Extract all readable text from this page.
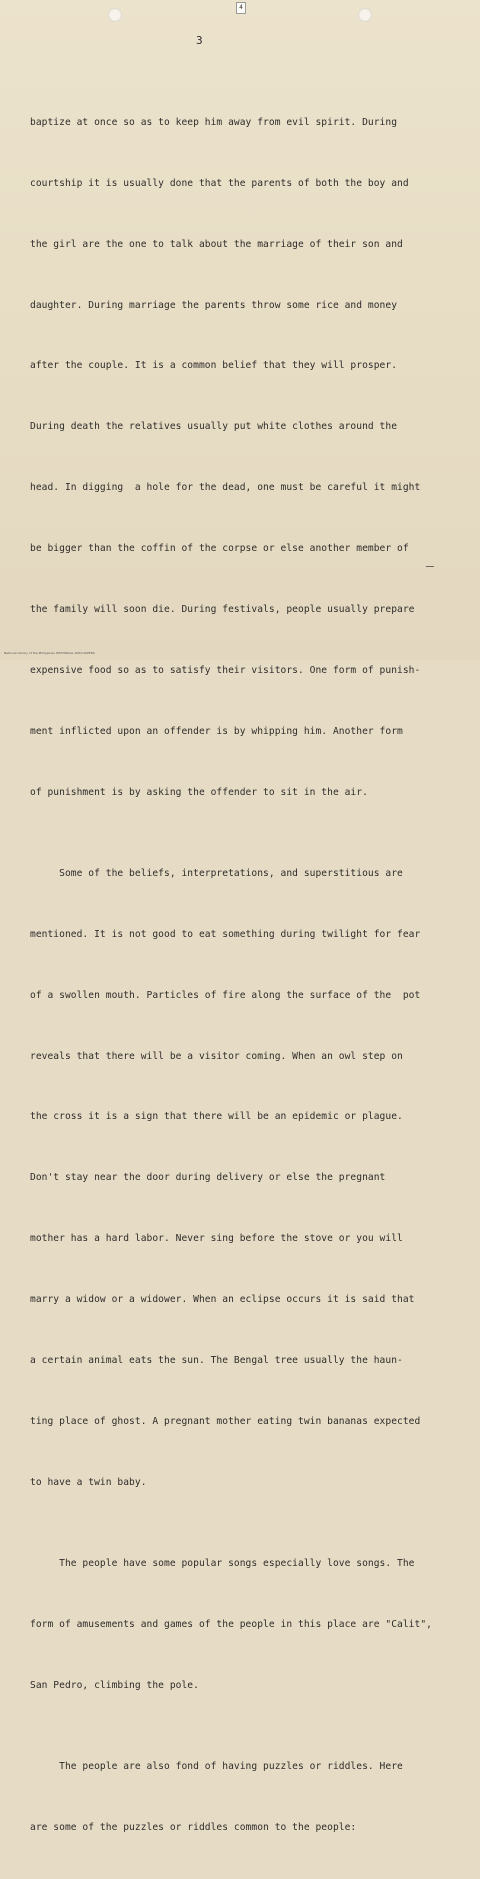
4
3

baptize at once so as to keep him away from evil spirit. During

courtship it is usually done that the parents of both the boy and

the girl are the one to talk about the marriage of their son and

daughter. During marriage the parents throw some rice and money

after the couple. It is a common belief that they will prosper.

During death the relatives usually put white clothes around the

head. In digging  a hole for the dead, one must be careful it might

be bigger than the coffin of the corpse or else another member of

the family will soon die. During festivals, people usually prepare

expensive food so as to satisfy their visitors. One form of punish-

ment inflicted upon an offender is by whipping him. Another form

of punishment is by asking the offender to sit in the air.

Some of the beliefs, interpretations, and superstitious are

mentioned. It is not good to eat something during twilight for fear

of a swollen mouth. Particles of fire along the surface of the  pot

reveals that there will be a visitor coming. When an owl step on

the cross it is a sign that there will be an epidemic or plague.

Don't stay near the door during delivery or else the pregnant

mother has a hard labor. Never sing before the stove or you will

marry a widow or a widower. When an eclipse occurs it is said that

a certain animal eats the sun. The Bengal tree usually the haun-

ting place of ghost. A pregnant mother eating twin bananas expected

to have a twin baby.

The people have some popular songs especially love songs. The

form of amusements and games of the people in this place are "Calit",

San Pedro, climbing the pole.

The people are also fond of having puzzles or riddles. Here

are some of the puzzles or riddles common to the people:

National Library of the Philippines HISTORICAL DATA PAPERS
